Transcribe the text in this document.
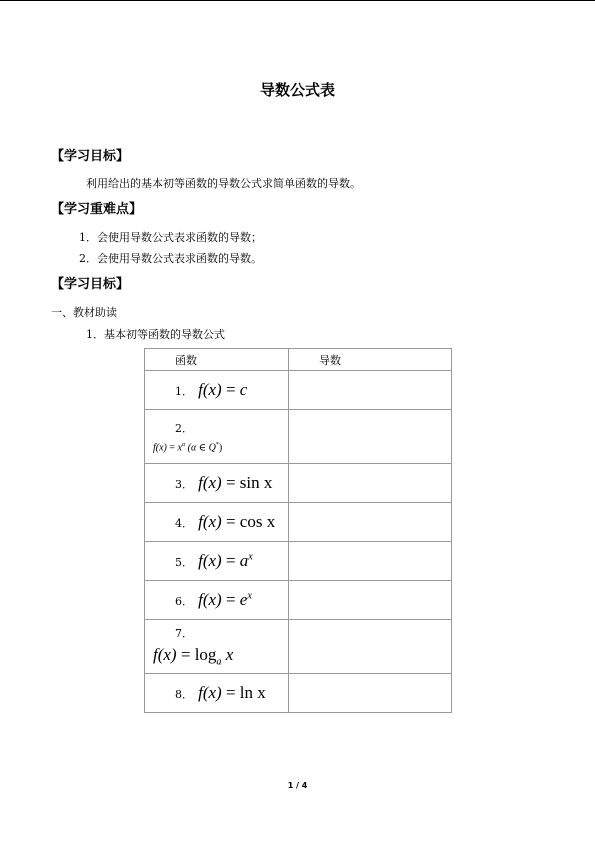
导数公式表
【学习目标】
利用给出的基本初等函数的导数公式求简单函数的导数。
【学习重难点】
1．会使用导数公式表求函数的导数；
2．会使用导数公式表求函数的导数。
【学习目标】
一、教材助读
1．基本初等函数的导数公式
函数	导数
1． f(x) = c	

2．
$f(x) = x^\alpha$ (α ∈ Q*)	

3． f(x) = sin x	
4． f(x) = cos x	
5． $f(x) = a^x$	
6． $f(x) = e^x$	

7．
$f(x) = \log_a x$	

8． f(x) = ln x	
1 / 4
